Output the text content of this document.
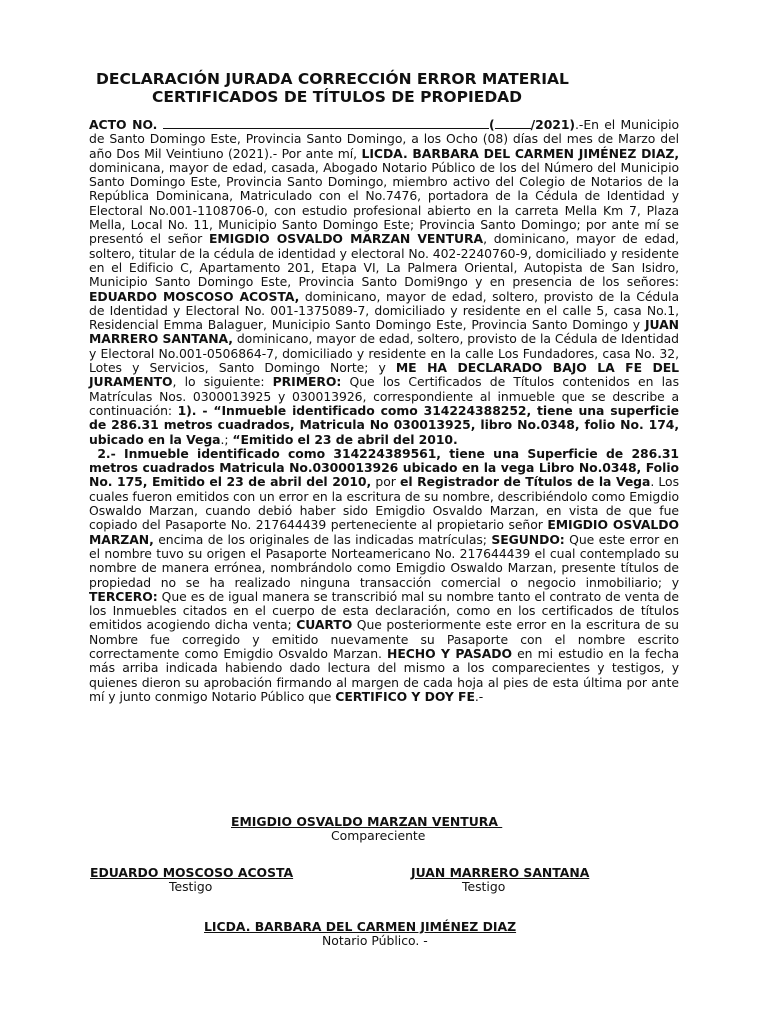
DECLARACIÓN JURADA CORRECCIÓN ERROR MATERIAL
CERTIFICADOS DE TÍTULOS DE PROPIEDAD

ACTO NO.	(	/2021).-En el Municipio de Santo Domingo Este, Provincia Santo Domingo, a los Ocho (08) días del mes de Marzo del año Dos Mil Veintiuno (2021).- Por ante mí, LICDA. BARBARA DEL CARMEN JIMÉNEZ DIAZ, dominicana, mayor de edad, casada, Abogado Notario Público de los del Número del Municipio Santo Domingo Este, Provincia Santo Domingo, miembro activo del Colegio de Notarios de la República Dominicana, Matriculado con el No.7476, portadora de la Cédula de Identidad y Electoral No.001-1108706-0, con estudio profesional abierto en la carreta Mella Km 7, Plaza Mella, Local No. 11, Municipio Santo Domingo Este; Provincia Santo Domingo; por ante mí se presentó el señor EMIGDIO OSVALDO MARZAN VENTURA, dominicano, mayor de edad, soltero, titular de la cédula de identidad y electoral No. 402-2240760-9, domiciliado y residente en el Edificio C, Apartamento 201, Etapa VI, La Palmera Oriental, Autopista de San Isidro, Municipio Santo Domingo Este, Provincia Santo Domi9ngo y en presencia de los señores: EDUARDO MOSCOSO ACOSTA, dominicano, mayor de edad, soltero, provisto de la Cédula de Identidad y Electoral No. 001-1375089-7, domiciliado y residente en el calle 5, casa No.1, Residencial Emma Balaguer, Municipio Santo Domingo Este, Provincia Santo Domingo y JUAN MARRERO SANTANA, dominicano, mayor de edad, soltero, provisto de la Cédula de Identidad y Electoral No.001-0506864-7, domiciliado y residente en la calle Los Fundadores, casa No. 32, Lotes y Servicios, Santo Domingo Norte; y ME HA DECLARADO BAJO LA FE DEL JURAMENTO, lo siguiente: PRIMERO: Que los Certificados de Títulos contenidos en las Matrículas Nos. 0300013925 y 030013926, correspondiente al inmueble que se describe a continuación: 1). - “Inmueble identificado como 314224388252, tiene una superficie de 286.31 metros cuadrados, Matricula No 030013925, libro No.0348, folio No. 174, ubicado en la Vega.; “Emitido el 23 de abril del 2010.

2.- Inmueble identificado como 314224389561, tiene una Superficie de 286.31 metros cuadrados Matricula No.0300013926 ubicado en la vega Libro No.0348, Folio No. 175, Emitido el 23 de abril del 2010, por el Registrador de Títulos de la Vega. Los cuales fueron emitidos con un error en la escritura de su nombre, describiéndolo como Emigdio Oswaldo Marzan, cuando debió haber sido Emigdio Osvaldo Marzan, en vista de que fue copiado del Pasaporte No. 217644439 perteneciente al propietario señor EMIGDIO OSVALDO MARZAN, encima de los originales de las indicadas matrículas; SEGUNDO: Que este error en el nombre tuvo su origen el Pasaporte Norteamericano No. 217644439 el cual contemplado su nombre de manera errónea, nombrándolo como Emigdio Oswaldo Marzan, presente títulos de propiedad no se ha realizado ninguna transacción comercial o negocio inmobiliario; y TERCERO: Que es de igual manera se transcribió mal su nombre tanto el contrato de venta de los Inmuebles citados en el cuerpo de esta declaración, como en los certificados de títulos emitidos acogiendo dicha venta; CUARTO Que posteriormente este error en la escritura de su Nombre fue corregido y emitido nuevamente su Pasaporte con el nombre escrito correctamente como Emigdio Osvaldo Marzan. HECHO Y PASADO en mi estudio en la fecha más arriba indicada habiendo dado lectura del mismo a los comparecientes y testigos, y quienes dieron su aprobación firmando al margen de cada hoja al pies de esta última por ante mí y junto conmigo Notario Público que CERTIFICO Y DOY FE.-

EMIGDIO OSVALDO MARZAN VENTURA
Compareciente
EDUARDO MOSCOSO ACOSTA
Testigo
JUAN MARRERO SANTANA
Testigo
LICDA. BARBARA DEL CARMEN JIMÉNEZ DIAZ
Notario Público. -
